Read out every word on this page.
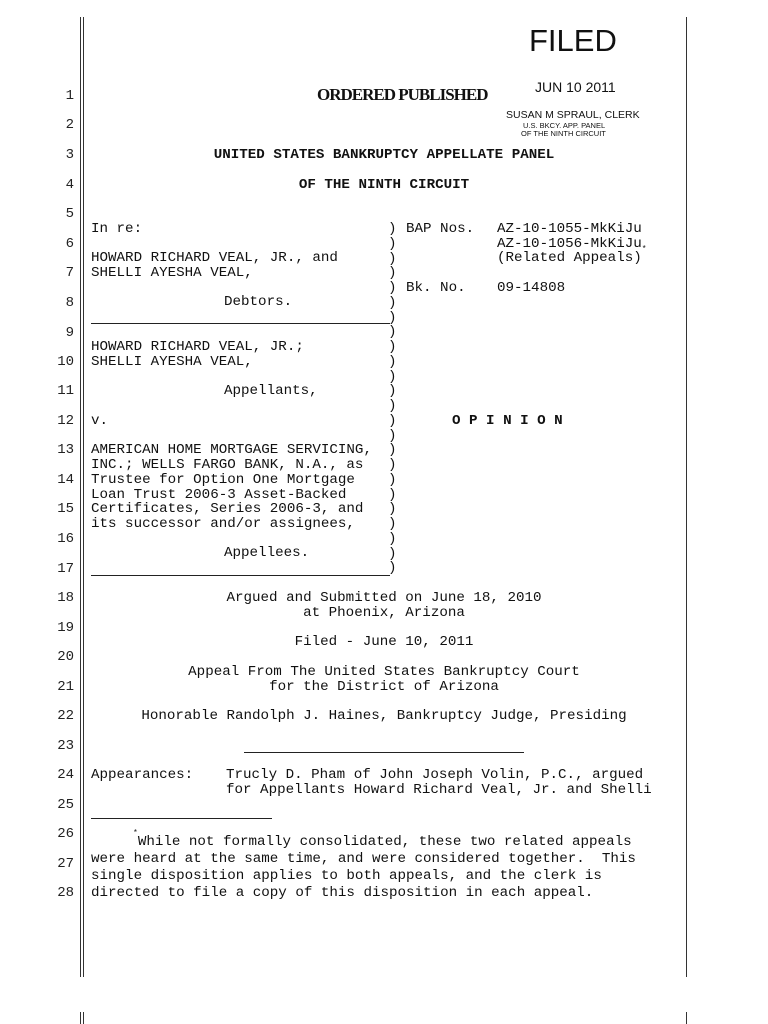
FILED
JUN 10 2011
SUSAN M SPRAUL, CLERK
U.S. BKCY. APP. PANEL
OF THE NINTH CIRCUIT
ORDERED PUBLISHED
1
2
3
4
5
6
7
8
9
10
11
12
13
14
15
16
17
18
19
20
21
22
23
24
25
26
27
28
UNITED STATES BANKRUPTCY APPELLATE PANEL
OF THE NINTH CIRCUIT
In re:
HOWARD RICHARD VEAL, JR., and
SHELLI AYESHA VEAL,
Debtors.
HOWARD RICHARD VEAL, JR.;
SHELLI AYESHA VEAL,
Appellants,
v.
AMERICAN HOME MORTGAGE SERVICING,
INC.; WELLS FARGO BANK, N.A., as
Trustee for Option One Mortgage
Loan Trust 2006-3 Asset-Backed
Certificates, Series 2006-3, and
its successor and/or assignees,
Appellees.
)
)
)
)
)
)
)
)
)
)
)
)
)
)
)
)
)
)
)
)
)
)
)
)
BAP Nos. AZ-10-1055-MkKiJu
AZ-10-1056-MkKiJu
(Related Appeals)*
Bk. No. 09-14808
O P I N I O N
Argued and Submitted on June 18, 2010
at Phoenix, Arizona
Filed - June 10, 2011
Appeal From The United States Bankruptcy Court
for the District of Arizona
Honorable Randolph J. Haines, Bankruptcy Judge, Presiding
Appearances: Trucly D. Pham of John Joseph Volin, P.C., argued
for Appellants Howard Richard Veal, Jr. and Shelli
*While not formally consolidated, these two related appeals
were heard at the same time, and were considered together.  This
single disposition applies to both appeals, and the clerk is
directed to file a copy of this disposition in each appeal.
